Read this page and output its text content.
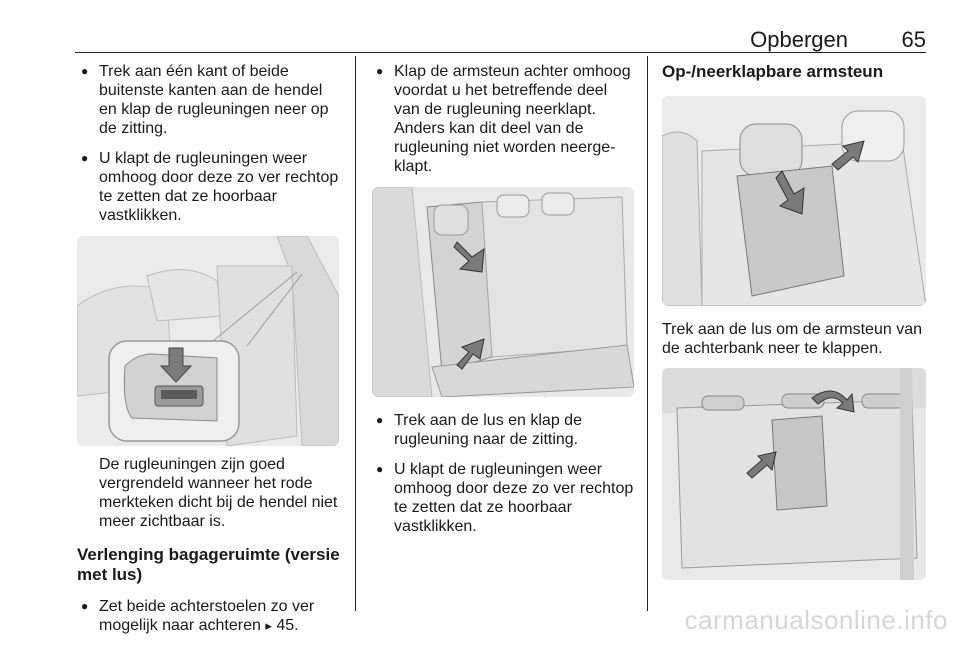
Opbergen 65
● Trek aan één kant of beide buitenste kanten aan de hendel en klap de rugleuningen neer op de zitting.
● U klapt de rugleuningen weer omhoog door deze zo ver rechtop te zetten dat ze hoorbaar vastklikken.

De rugleuningen zijn goed vergrendeld wanneer het rode merkteken dicht bij de hendel niet meer zichtbaar is.

Verlenging bagageruimte (versie met lus)

● Zet beide achterstoelen zo ver mogelijk naar achteren ▸ 45.
● Klap de armsteun achter omhoog voordat u het betreffende deel van de rugleuning neerklapt. Anders kan dit deel van de rugleuning niet worden neerge-klapt.
● Trek aan de lus en klap de rugleuning naar de zitting.
● U klapt de rugleuningen weer omhoog door deze zo ver rechtop te zetten dat ze hoorbaar vastklikken.

Op-/neerklapbare armsteun

Trek aan de lus om de armsteun van de achterbank neer te klappen.

carmanualsonline.info
